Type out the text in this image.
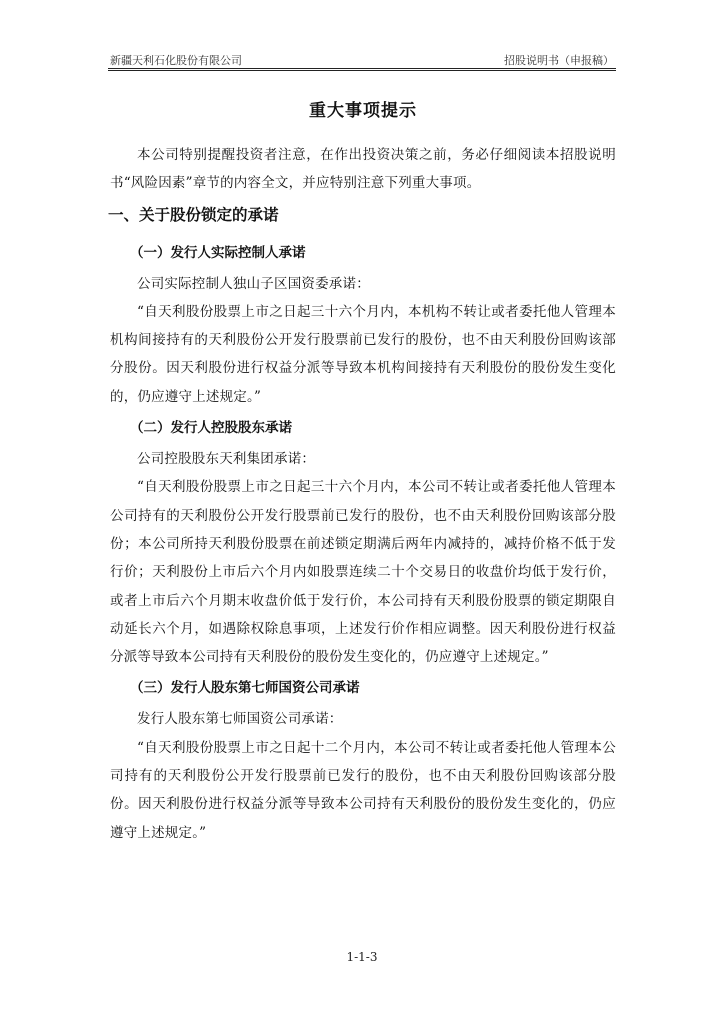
新疆天利石化股份有限公司	招股说明书（申报稿）
重大事项提示

本公司特别提醒投资者注意，在作出投资决策之前，务必仔细阅读本招股说明书“风险因素”章节的内容全文，并应特别注意下列重大事项。

一、关于股份锁定的承诺
（一）发行人实际控制人承诺

公司实际控制人独山子区国资委承诺：

“自天利股份股票上市之日起三十六个月内，本机构不转让或者委托他人管理本机构间接持有的天利股份公开发行股票前已发行的股份，也不由天利股份回购该部分股份。因天利股份进行权益分派等导致本机构间接持有天利股份的股份发生变化的，仍应遵守上述规定。”

（二）发行人控股股东承诺

公司控股股东天利集团承诺：

“自天利股份股票上市之日起三十六个月内，本公司不转让或者委托他人管理本公司持有的天利股份公开发行股票前已发行的股份，也不由天利股份回购该部分股份；本公司所持天利股份股票在前述锁定期满后两年内减持的，减持价格不低于发行价；天利股份上市后六个月内如股票连续二十个交易日的收盘价均低于发行价，或者上市后六个月期末收盘价低于发行价，本公司持有天利股份股票的锁定期限自动延长六个月，如遇除权除息事项，上述发行价作相应调整。因天利股份进行权益分派等导致本公司持有天利股份的股份发生变化的，仍应遵守上述规定。”

（三）发行人股东第七师国资公司承诺

发行人股东第七师国资公司承诺：

“自天利股份股票上市之日起十二个月内，本公司不转让或者委托他人管理本公司持有的天利股份公开发行股票前已发行的股份，也不由天利股份回购该部分股份。因天利股份进行权益分派等导致本公司持有天利股份的股份发生变化的，仍应遵守上述规定。”

1-1-3
